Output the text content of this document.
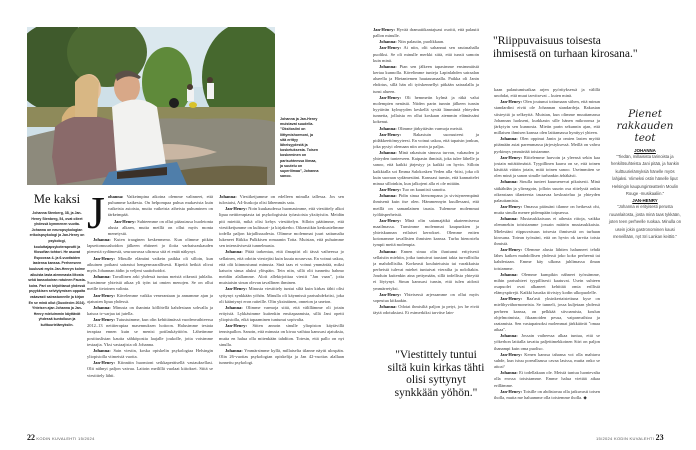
Johanna ja Jan-Henry muistavat suudella. "Oksitosiini on liittymishormoni, ja sitä erittyy läheisyydestä ja kosketuksesta. Toisen koskeminen on parisuhteessa liimaa, ja suutelu on superliimaa", Johanna sanoo.
Me kaksi
Johanna Stenberg, 38, ja Jan-Henry Stenberg, 54, ovat olleet yhdessä kymmenen vuotta. Johanna on neuropsykologian erikoispsykologi ja Jan-Henry on psykologi, kouluttajapsykoterapeutti ja filosofian tohtori. He asuvat Espoossa 4- ja 6-vuotiaiden lastensa kanssa. Perheeseen kuuluvat myös Jan-Henryn kolme aikuista lasta aiemmasta liitosta sekä bassokoiran rotuinen Fausta-koira. Pari on kirjoittanut yhdessä psyykkisen selviytymisen oppaita vakavasti sairastuneelle ja kirjan En se minä ollut (Duodecim 2024). Yhteisen ajan Johanna ja Jan-Henry mieluimmin käyttävät yhdessä kuntoiluun ja kulttuurielämyksiin.
J ohanna: Vaikeimpina aikoina olemme valinneet, että puhumme kaikesta. On helpompaa puhua mukavista kuin vaikeista asioista, mutta vaikeista aiheista puhuminen on tärkeimpää.

Jan-Henry: Suhteemme on ollut pääasiassa huoletonta alusta alkaen, mutta meillä on ollut myös monta menetystä.

Johanna: Kuten traaginen keskenmeno. Kun olimme pitkän lapsettomuushoidon jälkeen ehtineet jo iloita varhaisraskauden pienestä sydämestä, seuraavassa ultrassa sitä ei enää näkynyt.

Jan-Henry: Minulle elämäni vaikein paikka oli silloin, kun aikuinen poikani sairastui hengenvaarallisesti. Kipeitä hetkiä olivat myös Johannan äidin ja veljeni saattohoidot.

Johanna: Tavallinen arki yhdessä tuntuu meistä oikeasti juhlalta. Suosimme yhteistä aikaa yli työn tai omien menojen. Se on ollut meille tietoinen valinta.

Jan-Henry: Kävelemme vaikka venerantaan ja annamme ajan ja ajatusten lipua yhdessä.

Johanna: Minusta on ihaninta köllötellä kahdestaan sohvalla ja katsoa tv-sarjaa tai jutella.

Jan-Henry: Tutustuimme, kun olin kehittämässä vuodenvaihteessa 2012–13 nettiterapiaa masennuksen hoitoon. Halusimme testata terapiaa ennen kuin se menisi potilaskäyttöön. Lähetimme postituslistan kautta sähköpostia laajalle joukolle, jotta voisimme testaajia. Yksi vastaajista oli Johanna.

Johanna: Sain viestin, koska opiskelin psykologiaa Helsingin yliopistolla viimeistä vuotta.

Jan-Henry: Kiinnitin huomioni seikkaperäisellä vastauksellasi. Olit nähnyt paljon vaivaa. Laitoin meilillä vuolaat kiitokset. Siitä se viestittely lähti.

Johanna: Viestiketjumme on edelleen minulla tallessa. Jos sen tulostaisi, A4-liuskoja olisi lähemmäs sata.

Jan-Henry: Noin kuukaudessa huomasimme, että viestittely alkoi lipua nettiterapiasta tai psykologisista työasioista yksityisiin. Meidän piti miettiä, mikä olisi kehys viestittelyn. Silloin päätimme, että viestiketjumme on kulttuuri- ja kirjakerho. Oikeastikin keskustelimme todella paljon kirjallisuudesta. Olimme molemmat juuri sattumalta lukeneet Riikka Pulkkisen romaanin Totta. Muistan, että puhuimme sen intensiivisestä tunnelmasta.

Johanna: Pitää tarkentaa, että ilmapiiri oli tässä vaiheessa jo sellainen, että odotin viestejäsi kuin kuuta nousevaa. En voinut uskoa, että olit kiinnostunut minusta. Sinä taas et voinut ymmärtää, miksi katsoin sinua aluksi ylöspäin. Tein niin, sillä olit tunnettu hahmo meidän alallamme. Aloit allekirjoittaa viestit "Jan vaan", jotta muistaisin sinun olevan tavallinen ihminen.

Jan-Henry: Minusta viestittely tuntui siltä kuin kirkas tähti olisi syttynyt synkkään yöhön. Minulla oli käynnissä parisuhdekriisi, joka oli kääntynyt eron raiteille. Olin yksinäinen, onneton ja uneton.

Johanna: Olimme varmoja siitä, että välillämme oli jotain erityistä. Lykkäsimme kuitenkin ensitapaamista, sillä Jani opetti yliopistolla, eikä tapaaminen tuntunut sopivalta.

Jan-Henry: Sitten annoin sinulle yliopiston käytävillä tennispallon. Sanoin, että minusta on kivaa vaihtaa kanssasi ajatuksia, mutta en halua olla mitenkään tahditon. Totesin, että pallo on nyt sinulla.

Johanna: Ymmärsimme kyllä, millaiselta tilanne näytti ulospäin. Olin 26-vuotias psykologian opiskelija ja Jan 42-vuotias alallaan tunnettu psykologi.

Jan-Henry: Hyvää dramatiikantajuasi osoitti, että palautit pallon minulle.

Johanna: Niin palautin, puolikkaan.

Jan-Henry: Ai niin, olit sahannut sen rautasahalla puoliksi. Se oli minulle merkki siitä, että tunsit samoin kuin minä.

Johanna: Pian sen jälkeen tapasimme ensimmäistä kertaa kunnolla. Kävelimme tunteja Lapinlahden sairaalan alueella ja Hietaniemen hautausmaalla. Paikka oli Janin ehdotus, sillä hän oli työskennellyt pitkään sairaalalla ja tunsi alueen.

Jan-Henry: Oli hemmetin kylmä ja räkä valui molempien nenästä. Niiden parin tunnin jälkeen tunsin hyytävän kylmyyden keskellä syvää lämmintä yhteyden tunnetta, jollaista en ollut koskaan aiemmin elämässäni kokenut.

Johanna: Olimme järkyttävän varmoja meistä.

Jan-Henry: Rakastuin suoruuteesi ja pidäkkeettömyyteesi. En voinut uskoa, että tapaisin jonkun, joka pystyi olemaan niin avoin ja paljas.

Johanna: Minä rakastuin sinussa turvan, vakauden ja yhteyden tunteeseen. Kaipasin ihmistä, joka tulee lähelle ja sanoo, että kaikki järjestyy ja kaikki on hyvin. Silloin kaikkialla soi Emma Salokosken Veden alla -biisi, joka oli kuin suoraan sydämestäni. Kanssasi tunsin, että kannattelet minua silloinkin, kun jalkojeni alla ei ole mitään.

Jan-Henry: Tuo on kauniisti sanottu.

Johanna: Pidin sinua hienompana ja sivistyneempänä ihmisenä kuin itse olen. Hämmennyin kuullessani, että meillä on samanlainen tausta. Tulemme molemmat työläisperheistä.

Jan-Henry: Minä olin satamajätkä akateemisessa maailmassa. Tunsimme molemmat kaupunkien ja yhteiskunnan erilaiset kerrokset. Olemme eniten kotonamme tavallisten ihmisten kanssa. Turha hienostelu tympii meitä molempia.

Johanna: Ennen sinua olin ihastunut erityisesti sellaisiin miehiin, jotka tuntuivat taustani takia turvallisilta ja mahdollisilta. Korkeasti koulutetuista tai varakkaista perheistä tulevat miehet tuntuivat vierailta ja nololtakin. Jouduin kuitenkin aina pettymään, sillä todellista yhteyttä ei löytynyt. Sinun kanssasi tunsin, että tulen aidosti ymmärretyksi.

Jan-Henry: Yhteisessä arjessamme on ollut myös sopeutua kitkaakin.

Johanna: Odotat ihmisiltä paljon ja petyt, jos he eivät täytä odotuksiasi. Et esimerkiksi tarvitse lain-

kaan palautumisaikaa arjen pyörityksessä ja välillä unohdat, että muut tarvitsevat – kuten minä.

Jan-Henry: Olen joutunut tottumaan siihen, että minun standardini eivät ole Johannan standardeja. Rakastan siisteyttä ja selkeyttä. Muistan, kun olimme muuttamassa Johannan luokseni, kurkkasin sille hänen mikroonsa ja järkytyin sen kunnosta. Mietin parin sekunnin ajan, että millaisen ihmisen kanssa olen laittamassa hynttyyt yhteen.

Johanna: Olen oppinut Janin ja omien lasten myötä pitämään asiat paremmassa järjestyksessä. Meillä on vahva pyrkimys ymmärtää toisiamme.

Jan-Henry: Riitelemme harvoin ja yleensä sekin kaa jostain mitättömästä. Tyypillinen kaava on se, että toinen käsittää väärin jotain, mitä toinen sanoo. Useimmiten se olen minä ja sanon sinulle turhankin ärhäkästi.

Johanna: Sinulla tunteet kuumenevat pikaisesti. Minä säikähdän ja ylireagoin, jolloin suurin osa riitelystä onkin oikeastaan tilanteesta tasaavaa keskustelua ja yhteyden palauttamista.

Jan-Henry: Omassa päässäni tilanne on hetkessä ohi, mutta sinulla menee pidempään toipuessa.

Johanna: Mustasukkaisuus ei aiheuta riitoja, vaikka olemmekin toisistamme jossain määrin mustasukkaisia. Mielestäni riippuvaisuus toisesta ihmisestä on turhaan kirosana. Totean työssäni, että on hyvin ok tarvita toista ihmistä.

Jan-Henry: Olemme alusta lähtien halunneet tehdä lähes kaiken mahdollisen yhdessä joko koko perheenä tai kahdestaan. Emme käy ulkona juhlimassa ilman toisiamme.

Johanna: Olemme kumpikin nähneet työssämme, mihin parisuhteet tyypillisesti kaatuvat. Usein suhteen osapuolet ovat alkaneet kehittää omia erillisiä elämyspiirejä. Kaikki hauska tiivistyy kodin ulkopuolelle.

Jan-Henry: Raa'asti yksinkertaistettuna kyse on mielihyvähormoneista. Se tunneli, jossa kuljetaan yhdessä perheen kanssa, on pelkkää siivoamista, koulun ohjelmoimista, fikaanoiden pesua, vaipanvaihtoa ja raatamista. Sen vastapainoksi molemmat järkkäävät "omaa aikaa".

Johanna: Jossain vaiheessa alkaa tuntua, että se yökerhon lattialla tavattu paljettimekkoinen Siiri on paljon ihanampi kuin oma puoliso.

Jan-Henry: Kenen kanssa tahansa voi olla mahtava suhde, kun istuu poreallaassa cavaa lasissa, mutta onko se aitoa?

Johanna: Ei todellakaan ole. Meistä tuntuu luontevalta olla erossa toisistamme. Emme halua viettää aikaa erillämme.

Jan-Henry: Toisille on ahdistavaa olla jatkuvasti toisen iholla, mutta me haluamme olla toistemme iholla. ◆

"Riippuvaisuus toisesta
ihmisestä on turhaan kirosana."
"Viestittely tuntui
siltä kuin kirkas tähti
olisi syttynyt
synkkään yöhön."
Pienet
rakkauden
teot
JOHANNA
"Tiedän, millaisista tarinoista ja henkilösuhteista Jani pitää, ja hankin kulttuurielämyksiä hänelle myös lahjaksi. Viimeksi ostin hänelle liput Helsingin kaupunginteatterin Moulin Rouge -musikaaliin."
JAN-HENRY
"Johanna ei erityisesti perusta ruuanlaitosta, josta minä taas tykkään, joten teen perheelle ruokaa. Minulla on usein jokin gastronominen kausi meneillään, nyt Sri Lankan keittiö."
22 KODIN KUVALEHTI 15/2024	15/2024 KODIN KUVALEHTI 23
